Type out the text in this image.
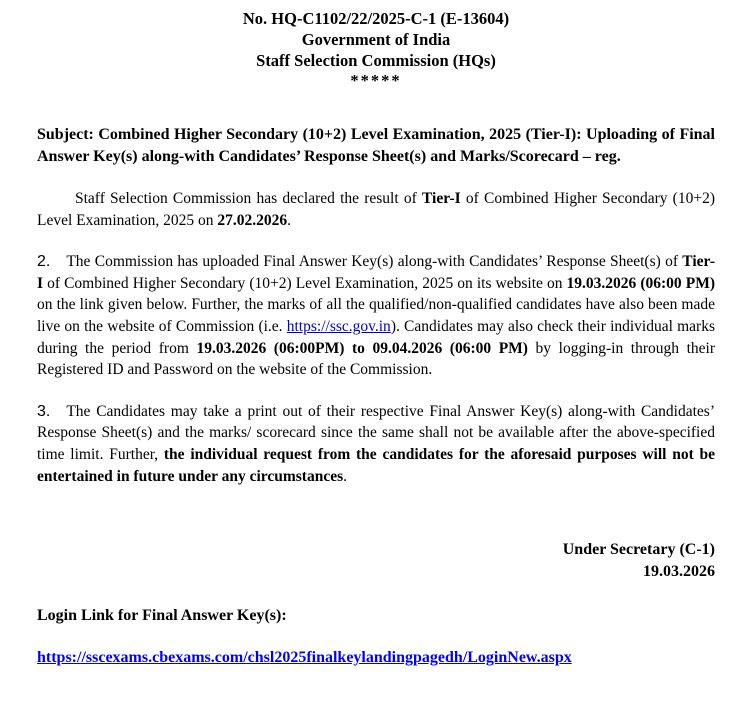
No. HQ-C1102/22/2025-C-1 (E-13604)
Government of India
Staff Selection Commission (HQs)
*****

Subject: Combined Higher Secondary (10+2) Level Examination, 2025 (Tier-I): Uploading of Final Answer Key(s) along-with Candidates’ Response Sheet(s) and Marks/Scorecard – reg.

Staff Selection Commission has declared the result of Tier-I of Combined Higher Secondary (10+2) Level Examination, 2025 on 27.02.2026.

2. The Commission has uploaded Final Answer Key(s) along-with Candidates’ Response Sheet(s) of Tier-I of Combined Higher Secondary (10+2) Level Examination, 2025 on its website on 19.03.2026 (06:00 PM) on the link given below. Further, the marks of all the qualified/non-qualified candidates have also been made live on the website of Commission (i.e. https://ssc.gov.in). Candidates may also check their individual marks during the period from 19.03.2026 (06:00PM) to 09.04.2026 (06:00 PM) by logging-in through their Registered ID and Password on the website of the Commission.

3. The Candidates may take a print out of their respective Final Answer Key(s) along-with Candidates’ Response Sheet(s) and the marks/ scorecard since the same shall not be available after the above-specified time limit. Further, the individual request from the candidates for the aforesaid purposes will not be entertained in future under any circumstances.

Under Secretary (C-1)
19.03.2026

Login Link for Final Answer Key(s):

https://sscexams.cbexams.com/chsl2025finalkeylandingpagedh/LoginNew.aspx
